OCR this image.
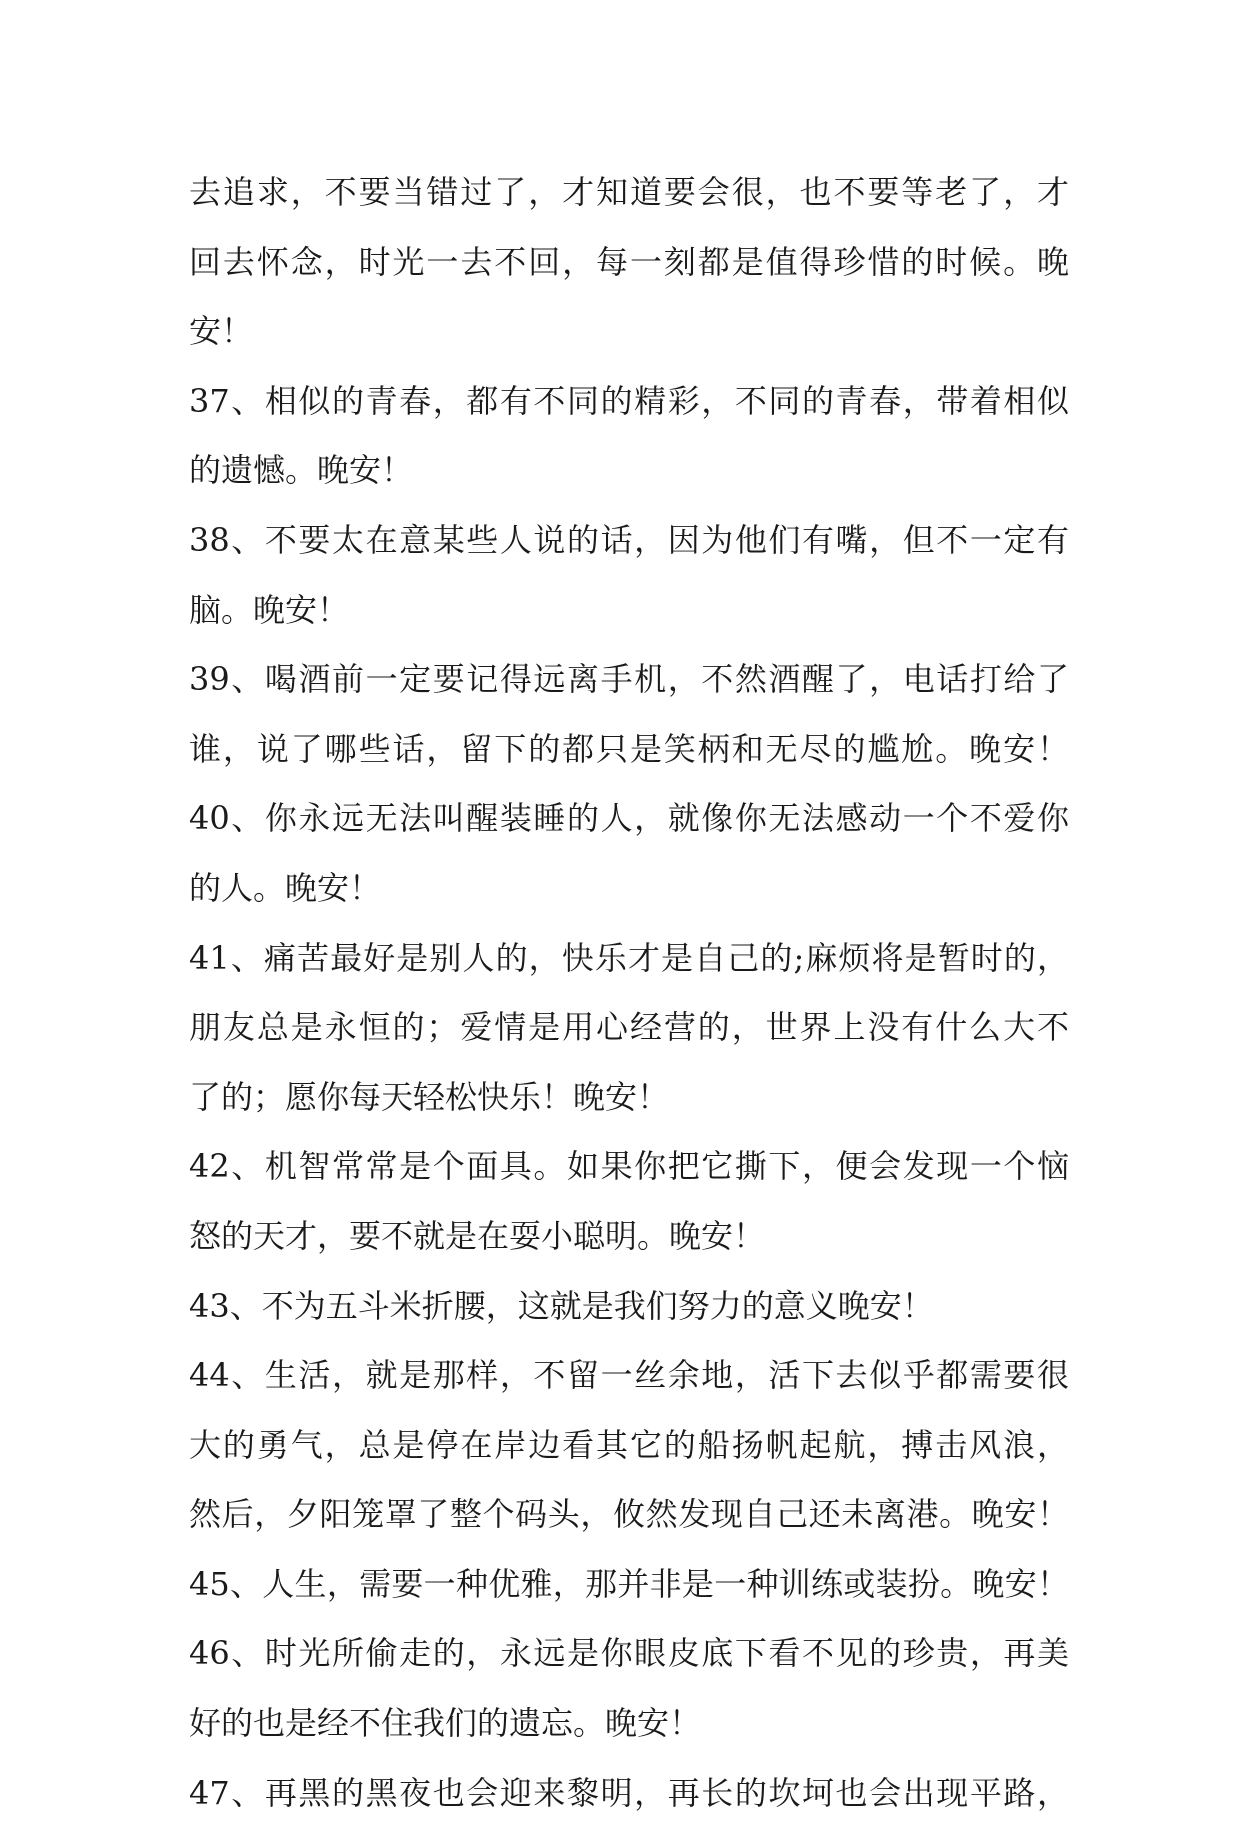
去追求，不要当错过了，才知道要会很，也不要等老了，才
回去怀念，时光一去不回，每一刻都是值得珍惜的时候。晚
安！
37、相似的青春，都有不同的精彩，不同的青春，带着相似
的遗憾。晚安！
38、不要太在意某些人说的话，因为他们有嘴，但不一定有
脑。晚安！
39、喝酒前一定要记得远离手机，不然酒醒了，电话打给了
谁，说了哪些话，留下的都只是笑柄和无尽的尴尬。晚安！
40、你永远无法叫醒装睡的人，就像你无法感动一个不爱你
的人。晚安！
41、痛苦最好是别人的，快乐才是自己的;麻烦将是暂时的，
朋友总是永恒的；爱情是用心经营的，世界上没有什么大不
了的；愿你每天轻松快乐！晚安！
42、机智常常是个面具。如果你把它撕下，便会发现一个恼
怒的天才，要不就是在耍小聪明。晚安！
43、不为五斗米折腰，这就是我们努力的意义晚安！
44、生活，就是那样，不留一丝余地，活下去似乎都需要很
大的勇气，总是停在岸边看其它的船扬帆起航，搏击风浪，
然后，夕阳笼罩了整个码头，攸然发现自己还未离港。晚安！
45、人生，需要一种优雅，那并非是一种训练或装扮。晚安！
46、时光所偷走的，永远是你眼皮底下看不见的珍贵，再美
好的也是经不住我们的遗忘。晚安！
47、再黑的黑夜也会迎来黎明，再长的坎坷也会出现平路，
